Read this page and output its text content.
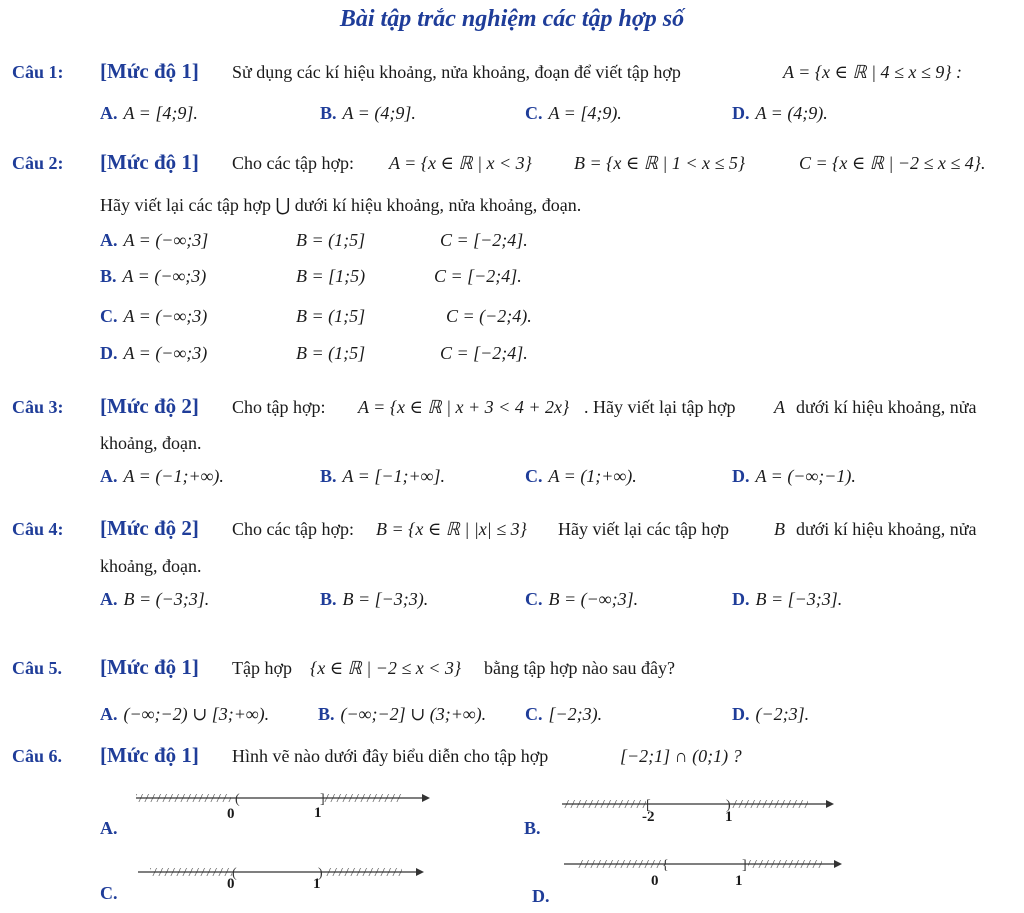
Bài tập trắc nghiệm các tập hợp số
Câu 1: [Mức độ 1] Sử dụng các kí hiệu khoảng, nửa khoảng, đoạn để viết tập hợp	A = {x ∈ ℝ | 4 ≤ x ≤ 9} :
A. A = [4;9].	B. A = (4;9].	C. A = [4;9).	D. A = (4;9).
Câu 2: [Mức độ 1] Cho các tập hợp: A = {x ∈ ℝ | x < 3} B = {x ∈ ℝ | 1 < x ≤ 5}	C = {x ∈ ℝ | −2 ≤ x ≤ 4}.
Hãy viết lại các tập hợp ⋃ dưới kí hiệu khoảng, nửa khoảng, đoạn.
A. A = (−∞;3]	B = (1;5]	C = [−2;4].
B. A = (−∞;3)	B = [1;5)	C = [−2;4].
C. A = (−∞;3)	B = (1;5]	C = (−2;4).
D. A = (−∞;3)	B = (1;5]	C = [−2;4].
Câu 3: [Mức độ 2] Cho tập hợp: A = {x ∈ ℝ | x + 3 < 4 + 2x} . Hãy viết lại tập hợp A dưới kí hiệu khoảng, nửa
khoảng, đoạn.
A. A = (−1;+∞).	B. A = [−1;+∞].	C. A = (1;+∞).	D. A = (−∞;−1).
Câu 4: [Mức độ 2] Cho các tập hợp: B = {x ∈ ℝ | |x| ≤ 3} Hãy viết lại các tập hợp	B dưới kí hiệu khoảng, nửa
khoảng, đoạn.
A. B = (−3;3].	B. B = [−3;3).	C. B = (−∞;3].	D. B = [−3;3].
Câu 5. [Mức độ 1] Tập hợp {x ∈ ℝ | −2 ≤ x < 3} bằng tập hợp nào sau đây?
A. (−∞;−2) ∪ [3;+∞).	B. (−∞;−2] ∪ (3;+∞). C. [−2;3).	D. (−2;3].
Câu 6. [Mức độ 1] Hình vẽ nào dưới đây biểu diễn cho tập hợp	[−2;1] ∩ (0;1) ?
A.
(	]
0	1
B.
[	)
-2	1
C.
(	)
0	1
D.
{	]
0	1
